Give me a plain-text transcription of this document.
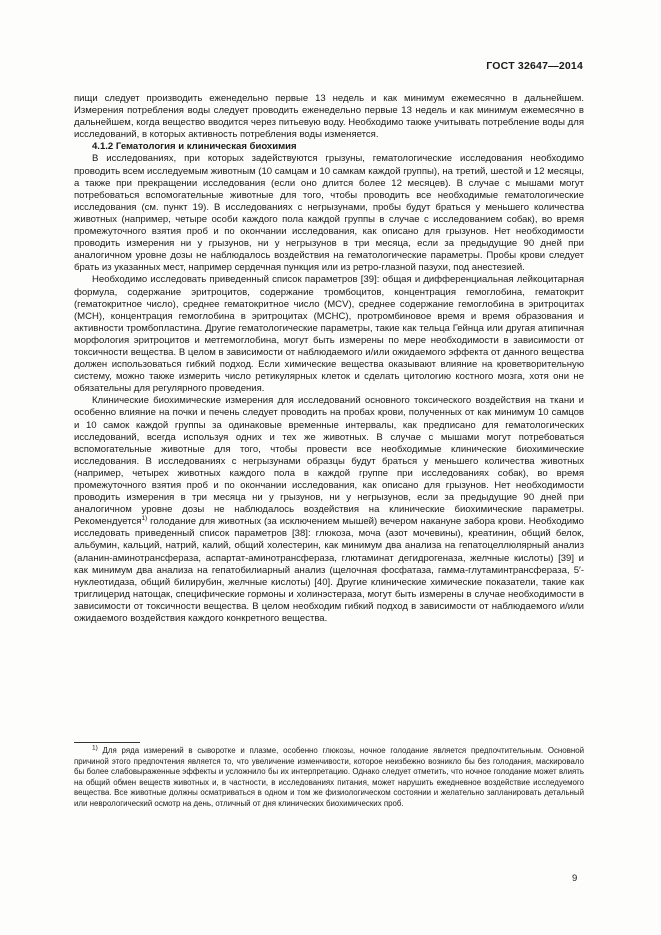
ГОСТ 32647—2014

пищи следует производить еженедельно первые 13 недель и как минимум ежемесячно в дальнейшем. Измерения потребления воды следует проводить еженедельно первые 13 недель и как минимум ежемесячно в дальнейшем, когда вещество вводится через питьевую воду. Необходимо также учитывать потребление воды для исследований, в которых активность потребления воды изменяется.

4.1.2 Гематология и клиническая биохимия

В исследованиях, при которых задействуются грызуны, гематологические исследования необходимо проводить всем исследуемым животным (10 самцам и 10 самкам каждой группы), на третий, шестой и 12 месяцы, а также при прекращении исследования (если оно длится более 12 месяцев). В случае с мышами могут потребоваться вспомогательные животные для того, чтобы проводить все необходимые гематологические исследования (см. пункт 19). В исследованиях с негрызунами, пробы будут браться у меньшего количества животных (например, четыре особи каждого пола каждой группы в случае с исследованием собак), во время промежуточного взятия проб и по окончании исследования, как описано для грызунов. Нет необходимости проводить измерения ни у грызунов, ни у негрызунов в три месяца, если за предыдущие 90 дней при аналогичном уровне дозы не наблюдалось воздействия на гематологические параметры. Пробы крови следует брать из указанных мест, например сердечная пункция или из ретро-глазной пазухи, под анестезией.

Необходимо исследовать приведенный список параметров [39]: общая и дифференциальная лейкоцитарная формула, содержание эритроцитов, содержание тромбоцитов, концентрация гемоглобина, гематокрит (гематокритное число), среднее гематокритное число (MCV), среднее содержание гемоглобина в эритроцитах (MCH), концентрация гемоглобина в эритроцитах (MCHC), протромбиновое время и время образования и активности тромбопластина. Другие гематологические параметры, такие как тельца Гейнца или другая атипичная морфология эритроцитов и метгемоглобина, могут быть измерены по мере необходимости в зависимости от токсичности вещества. В целом в зависимости от наблюдаемого и/или ожидаемого эффекта от данного вещества должен использоваться гибкий подход. Если химические вещества оказывают влияние на кроветворительную систему, можно также измерить число ретикулярных клеток и сделать цитологию костного мозга, хотя они не обязательны для регулярного проведения.

Клинические биохимические измерения для исследований основного токсического воздействия на ткани и особенно влияние на почки и печень следует проводить на пробах крови, полученных от как минимум 10 самцов и 10 самок каждой группы за одинаковые временные интервалы, как предписано для гематологических исследований, всегда используя одних и тех же животных. В случае с мышами могут потребоваться вспомогательные животные для того, чтобы провести все необходимые клинические биохимические исследования. В исследованиях с негрызунами образцы будут браться у меньшего количества животных (например, четырех животных каждого пола в каждой группе при исследованиях собак), во время промежуточного взятия проб и по окончании исследования, как описано для грызунов. Нет необходимости проводить измерения в три месяца ни у грызунов, ни у негрызунов, если за предыдущие 90 дней при аналогичном уровне дозы не наблюдалось воздействия на клинические биохимические параметры. Рекомендуется$^{1)}$ голодание для животных (за исключением мышей) вечером накануне забора крови. Необходимо исследовать приведенный список параметров [38]: глюкоза, моча (азот мочевины), креатинин, общий белок, альбумин, кальций, натрий, калий, общий холестерин, как минимум два анализа на гепатоцеллюлярный анализ (аланин-аминотрансфераза, аспартат-аминотрансфераза, глютаминат дегидрогеназа, желчные кислоты) [39] и как минимум два анализа на гепатобилиарный анализ (щелочная фосфатаза, гамма-глутаминтрансфераза, 5′-нуклеотидаза, общий билирубин, желчные кислоты) [40]. Другие клинические химические показатели, такие как триглицерид натощак, специфические гормоны и холинэстераза, могут быть измерены в случае необходимости в зависимости от токсичности вещества. В целом необходим гибкий подход в зависимости от наблюдаемого и/или ожидаемого воздействия каждого конкретного вещества.

$^{1)}$ Для ряда измерений в сыворотке и плазме, особенно глюкозы, ночное голодание является предпочтительным. Основной причиной этого предпочтения является то, что увеличение изменчивости, которое неизбежно возникло бы без голодания, маскировало бы более слабовыраженные эффекты и усложнило бы их интерпретацию. Однако следует отметить, что ночное голодание может влиять на общий обмен веществ животных и, в частности, в исследованиях питания, может нарушить ежедневное воздействие исследуемого вещества. Все животные должны осматриваться в одном и том же физиологическом состоянии и желательно запланировать детальный или неврологический осмотр на день, отличный от дня клинических биохимических проб.

9
